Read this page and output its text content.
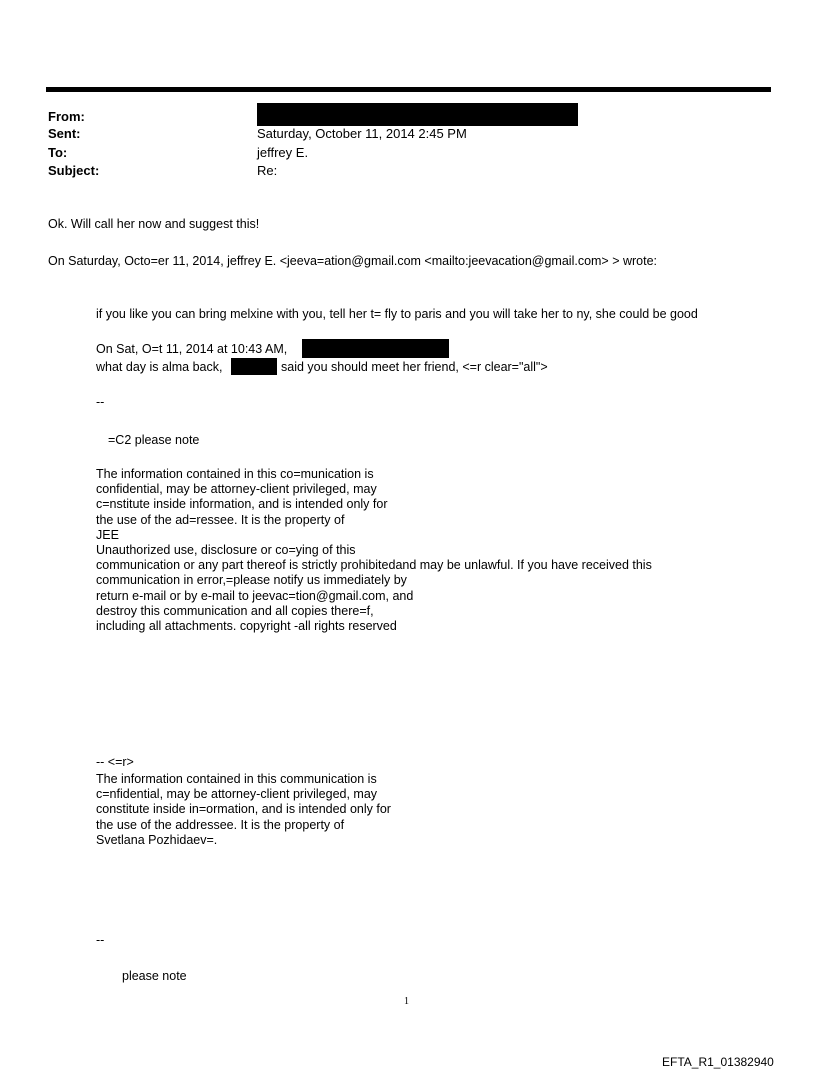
From:
Sent:	Saturday, October 11, 2014 2:45 PM
To:	jeffrey E.
Subject:	Re:
Ok. Will call her now and suggest this!
On Saturday, Octo=er 11, 2014, jeffrey E. <jeeva=ation@gmail.com <mailto:jeevacation@gmail.com> > wrote:
if you like you can bring melxine with you, tell her t= fly to paris and you will take her to ny, she could be good
On Sat, O=t 11, 2014 at 10:43 AM,
what day is alma back,	said you should meet her friend, <=r clear="all">
--
=C2 please note
The information contained in this co=munication is
confidential, may be attorney-client privileged, may
c=nstitute inside information, and is intended only for
the use of the ad=ressee. It is the property of
JEE
Unauthorized use, disclosure or co=ying of this
communication or any part thereof is strictly prohibitedand may be unlawful. If you have received this
communication in error,=please notify us immediately by
return e-mail or by e-mail to jeevac=tion@gmail.com, and
destroy this communication and all copies there=f,
including all attachments. copyright -all rights reserved
-- <=r>
The information contained in this communication is
c=nfidential, may be attorney-client privileged, may
constitute inside in=ormation, and is intended only for
the use of the addressee. It is the property of
Svetlana Pozhidaev=.
--
please note
1
EFTA_R1_01382940
